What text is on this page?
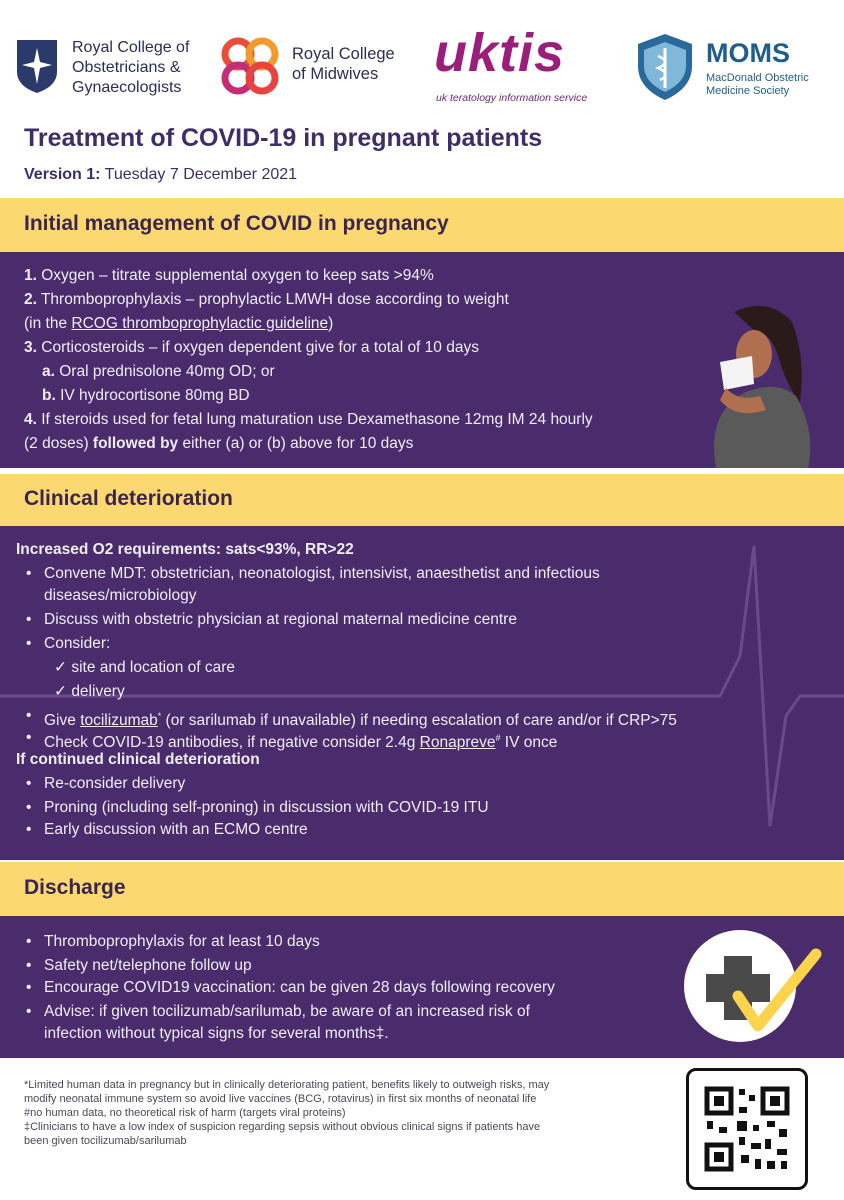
Royal College of
Obstetricians &
Gynaecologists
Royal College
of Midwives	uktis
uk teratology information service
MOMS
MacDonald Obstetric
Medicine Society
Treatment of COVID-19 in pregnant patients
Version 1: Tuesday 7 December 2021
Initial management of COVID in pregnancy
1. Oxygen – titrate supplemental oxygen to keep sats >94%
2. Thromboprophylaxis – prophylactic LMWH dose according to weight
(in the RCOG thromboprophylactic guideline)
3. Corticosteroids – if oxygen dependent give for a total of 10 days
a. Oral prednisolone 40mg OD; or
b. IV hydrocortisone 80mg BD
4. If steroids used for fetal lung maturation use Dexamethasone 12mg IM 24 hourly
(2 doses) followed by either (a) or (b) above for 10 days
Clinical deterioration
Increased O2 requirements: sats<93%, RR>22
• Convene MDT: obstetrician, neonatologist, intensivist, anaesthetist and infectious
diseases/microbiology
• Discuss with obstetric physician at regional maternal medicine centre
• Consider:
✓ site and location of care
✓ delivery
• Give tocilizumab* (or sarilumab if unavailable) if needing escalation of care and/or if CRP>75
• Check COVID-19 antibodies, if negative consider 2.4g Ronapreve# IV once
If continued clinical deterioration
• Re-consider delivery
• Proning (including self-proning) in discussion with COVID-19 ITU
• Early discussion with an ECMO centre
Discharge
• Thromboprophylaxis for at least 10 days
• Safety net/telephone follow up
• Encourage COVID19 vaccination: can be given 28 days following recovery
• Advise: if given tocilizumab/sarilumab, be aware of an increased risk of
infection without typical signs for several months‡.
*Limited human data in pregnancy but in clinically deteriorating patient, benefits likely to outweigh risks, may
modify neonatal immune system so avoid live vaccines (BCG, rotavirus) in first six months of neonatal life
#no human data, no theoretical risk of harm (targets viral proteins)
‡Clinicians to have a low index of suspicion regarding sepsis without obvious clinical signs if patients have
been given tocilizumab/sarilumab
